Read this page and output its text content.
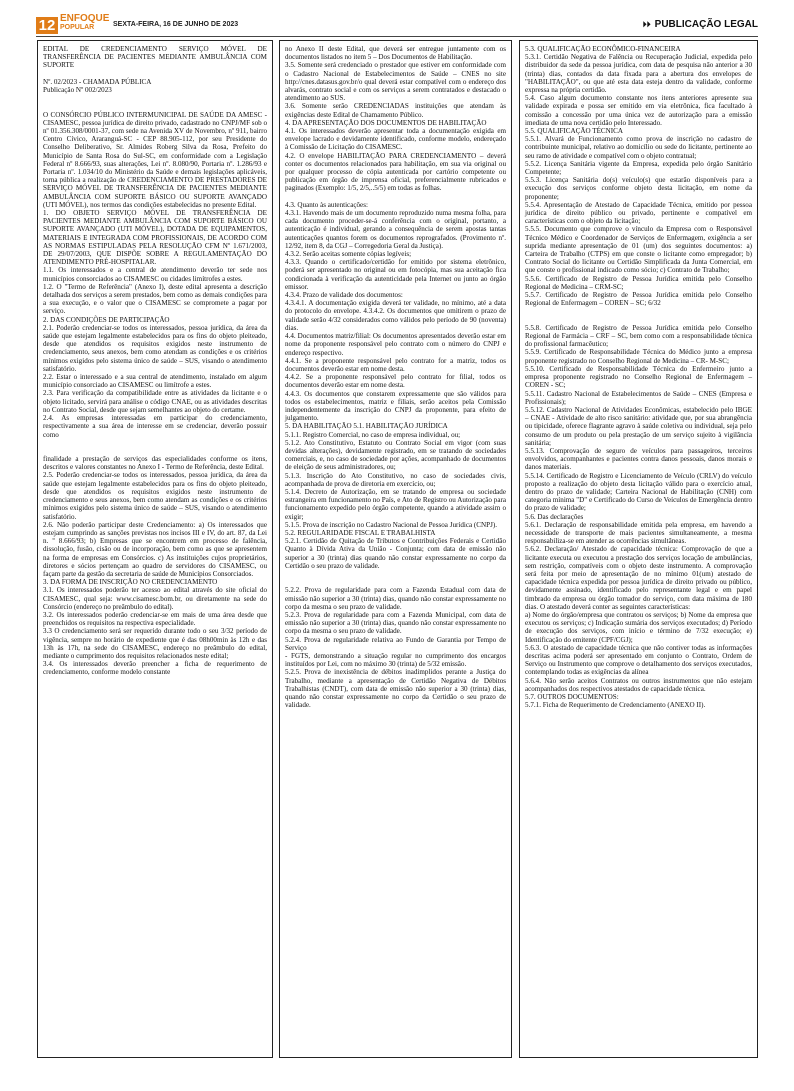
12 ENFOQUE
POPULAR	SEXTA-FEIRA, 16 DE JUNHO DE 2023	⏵⏵ PUBLICAÇÃO LEGAL

EDITAL DE CREDENCIAMENTO SERVIÇO MÓVEL DE TRANSFERÊNCIA DE PACIENTES MEDIANTE AMBULÂNCIA COM SUPORTE

Nº. 02/2023 - CHAMADA PÚBLICA

Publicação Nº 002/2023

O CONSÓRCIO PÚBLICO INTERMUNICIPAL DE SAÚDE DA AMESC - CISAMESC, pessoa jurídica de direito privado, cadastrado no CNPJ/MF sob o nº 01.356.308/0001-37, com sede na Avenida XV de Novembro, nº 911, bairro Centro Cívico, Araranguá-SC - CEP 88.905-112, por seu Presidente do Conselho Deliberativo, Sr. Almides Roberg Silva da Rosa, Prefeito do Município de Santa Rosa do Sul-SC, em conformidade com a Legislação Federal nº 8.666/93, suas alterações, Lei nº. 8.080/90, Portaria nº. 1.286/93 e Portaria nº. 1.034/10 do Ministério da Saúde e demais legislações aplicáveis, torna pública a realização de CREDENCIAMENTO DE PRESTADORES DE SERVIÇO MÓVEL DE TRANSFERÊNCIA DE PACIENTES MEDIANTE AMBULÂNCIA COM SUPORTE BÁSICO OU SUPORTE AVANÇADO (UTI MÓVEL), nos termos das condições estabelecidas no presente Edital.

1. DO OBJETO SERVIÇO MÓVEL DE TRANSFERÊNCIA DE PACIENTES MEDIANTE AMBULÂNCIA COM SUPORTE BÁSICO OU SUPORTE AVANÇADO (UTI MÓVEL), DOTADA DE EQUIPAMENTOS, MATERIAIS E INTEGRADA COM PROFISSIONAIS, DE ACORDO COM AS NORMAS ESTIPULADAS PELA RESOLUÇÃO CFM Nº 1.671/2003, DE 29/07/2003, QUE DISPÕE SOBRE A REGULAMENTAÇÃO DO ATENDIMENTO PRÉ-HOSPITALAR.

1.1. Os interessados e a central de atendimento deverão ter sede nos municípios consorciados ao CISAMESC ou cidades limítrofes a estes.

1.2. O "Termo de Referência" (Anexo I), deste edital apresenta a descrição detalhada dos serviços a serem prestados, bem como as demais condições para a sua execução, e o valor que o CISAMESC se compromete a pagar por serviço.

2. DAS CONDIÇÕES DE PARTICIPAÇÃO

2.1. Poderão credenciar-se todos os interessados, pessoa jurídica, da área da saúde que estejam legalmente estabelecidos para os fins do objeto pleiteado, desde que atendidos os requisitos exigidos neste instrumento de credenciamento, seus anexos, bem como atendam as condições e os critérios mínimos exigidos pelo sistema único de saúde – SUS, visando o atendimento satisfatório.

2.2. Estar o interessado e a sua central de atendimento, instalado em algum município consorciado ao CISAMESC ou limítrofe a estes.

2.3. Para verificação da compatibilidade entre as atividades da licitante e o objeto licitado, servirá para análise o código CNAE, ou as atividades descritas no Contrato Social, desde que sejam semelhantes ao objeto do certame.

2.4. As empresas interessadas em participar do credenciamento, respectivamente a sua área de interesse em se credenciar, deverão possuir como

finalidade a prestação de serviços das especialidades conforme os itens, descritos e valores constantes no Anexo I - Termo de Referência, deste Edital.

2.5. Poderão credenciar-se todos os interessados, pessoa jurídica, da área da saúde que estejam legalmente estabelecidos para os fins do objeto pleiteado, desde que atendidos os requisitos exigidos neste instrumento de credenciamento e seus anexos, bem como atendam as condições e os critérios mínimos exigidos pelo sistema único de saúde – SUS, visando o atendimento satisfatório.

2.6. Não poderão participar deste Credenciamento: a) Os interessados que estejam cumprindo as sanções previstas nos incisos III e IV, do art. 87, da Lei n. º 8.666/93; b) Empresas que se encontrem em processo de falência, dissolução, fusão, cisão ou de incorporação, bem como as que se apresentem na forma de empresas em Consórcios. c) As instituições cujos proprietários, diretores e sócios pertençam ao quadro de servidores do CISAMESC, ou façam parte da gestão da secretaria de saúde de Municípios Consorciados.

3. DA FORMA DE INSCRIÇÃO NO CREDENCIAMENTO

3.1. Os interessados poderão ter acesso ao edital através do site oficial do CISAMESC, qual seja: www.cisamesc.bom.br, ou diretamente na sede do Consórcio (endereço no preâmbulo do edital).

3.2. Os interessados poderão credenciar-se em mais de uma área desde que preenchidos os requisitos na respectiva especialidade.

3.3 O credenciamento será ser requerido durante todo o seu 3/32 período de vigência, sempre no horário de expediente que é das 08h00min às 12h e das 13h às 17h, na sede do CISAMESC, endereço no preâmbulo do edital, mediante o cumprimento dos requisitos relacionados neste edital;

3.4. Os interessados deverão preencher a ficha de requerimento de credenciamento, conforme modelo constante

no Anexo II deste Edital, que deverá ser entregue juntamente com os documentos listados no item 5 – Dos Documentos de Habilitação.

3.5. Somente será credenciado o prestador que estiver em conformidade com o Cadastro Nacional de Estabelecimentos de Saúde – CNES no site http://cnes.datasus.gov.br/o qual deverá estar compatível com o endereço dos alvarás, contrato social e com os serviços a serem contratados e destacado o atendimento ao SUS.

3.6. Somente serão CREDENCIADAS instituições que atendam às exigências deste Edital de Chamamento Público.

4. DA APRESENTAÇÃO DOS DOCUMENTOS DE HABILITAÇÃO

4.1. Os interessados deverão apresentar toda a documentação exigida em envelope lacrado e devidamente identificado, conforme modelo, endereçado à Comissão de Licitação do CISAMESC.

4.2. O envelope HABILITAÇÃO PARA CREDENCIAMENTO – deverá conter os documentos relacionados para habilitação, em sua via original ou por qualquer processo de cópia autenticada por cartório competente ou publicação em órgão de imprensa oficial, preferencialmente rubricados e paginados (Exemplo: 1/5, 2/5,..5/5) em todas as folhas.

4.3. Quanto às autenticações:

4.3.1. Havendo mais de um documento reproduzido numa mesma folha, para cada documento proceder-se-á conferência com o original, portanto, a autenticação é individual, gerando a consequência de serem apostas tantas autenticações quantos forem os documentos reprografados. (Provimento nº. 12/92, item 8, da CGJ – Corregedoria Geral da Justiça).

4.3.2. Serão aceitas somente cópias legíveis;

4.3.3. Quando o certificado/certidão for emitido por sistema eletrônico, poderá ser apresentado no original ou em fotocópia, mas sua aceitação fica condicionada à verificação da autenticidade pela Internet ou junto ao órgão emissor.

4.3.4. Prazo de validade dos documentos:

4.3.4.1. A documentação exigida deverá ter validade, no mínimo, até a data do protocolo do envelope. 4.3.4.2. Os documentos que omitirem o prazo de validade serão 4/32 considerados como válidos pelo período de 90 (noventa) dias.

4.4. Documentos matriz/filial: Os documentos apresentados deverão estar em nome da proponente responsável pelo contrato com o número do CNPJ e endereço respectivo.

4.4.1. Se a proponente responsável pelo contrato for a matriz, todos os documentos deverão estar em nome desta.

4.4.2. Se a proponente responsável pelo contrato for filial, todos os documentos deverão estar em nome desta.

4.4.3. Os documentos que constarem expressamente que são válidos para todos os estabelecimentos, matriz e filiais, serão aceitos pela Comissão independentemente da inscrição do CNPJ da proponente, para efeito de julgamento.

5. DA HABILITAÇÃO 5.1. HABILITAÇÃO JURÍDICA

5.1.1. Registro Comercial, no caso de empresa individual, ou;

5.1.2. Ato Constitutivo, Estatuto ou Contrato Social em vigor (com suas devidas alterações), devidamente registrado, em se tratando de sociedades comerciais, e, no caso de sociedade por ações, acompanhado de documentos de eleição de seus administradores, ou;

5.1.3. Inscrição do Ato Constitutivo, no caso de sociedades civis, acompanhada de prova de diretoria em exercício, ou;

5.1.4. Decreto de Autorização, em se tratando de empresa ou sociedade estrangeira em funcionamento no País, e Ato de Registro ou Autorização para funcionamento expedido pelo órgão competente, quando a atividade assim o exigir;

5.1.5. Prova de inscrição no Cadastro Nacional de Pessoa Jurídica (CNPJ).

5.2. REGULARIDADE FISCAL E TRABALHISTA

5.2.1. Certidão de Quitação de Tributos e Contribuições Federais e Certidão Quanto à Dívida Ativa da União - Conjunta; com data de emissão não superior a 30 (trinta) dias quando não constar expressamente no corpo da Certidão o seu prazo de validade.

5.2.2. Prova de regularidade para com a Fazenda Estadual com data de emissão não superior a 30 (trinta) dias, quando não constar expressamente no corpo da mesma o seu prazo de validade.

5.2.3. Prova de regularidade para com a Fazenda Municipal, com data de emissão não superior a 30 (trinta) dias, quando não constar expressamente no corpo da mesma o seu prazo de validade.

5.2.4. Prova de regularidade relativa ao Fundo de Garantia por Tempo de Serviço

- FGTS, demonstrando a situação regular no cumprimento dos encargos instituídos por Lei, com no máximo 30 (trinta) de 5/32 emissão.

5.2.5. Prova de inexistência de débitos inadimplidos perante a Justiça do Trabalho, mediante a apresentação de Certidão Negativa de Débitos Trabalhistas (CNDT), com data de emissão não superior a 30 (trinta) dias, quando não constar expressamente no corpo da Certidão o seu prazo de validade.

5.3. QUALIFICAÇÃO ECONÔMICO-FINANCEIRA

5.3.1. Certidão Negativa de Falência ou Recuperação Judicial, expedida pelo distribuidor da sede da pessoa jurídica, com data de pesquisa não anterior a 30 (trinta) dias, contados da data fixada para a abertura dos envelopes de "HABILITAÇÃO", ou que até esta data esteja dentro da validade, conforme expressa na própria certidão.

5.4. Caso algum documento constante nos itens anteriores apresente sua validade expirada e possa ser emitido em via eletrônica, fica facultado à comissão a concessão por uma única vez de autorização para a emissão imediata de uma nova certidão pelo Interessado.

5.5. QUALIFICAÇÃO TÉCNICA

5.5.1. Alvará de Funcionamento como prova de inscrição no cadastro de contribuinte municipal, relativo ao domicílio ou sede do licitante, pertinente ao seu ramo de atividade e compatível com o objeto contratual;

5.5.2. Licença Sanitária vigente da Empresa, expedida pelo órgão Sanitário Competente;

5.5.3. Licença Sanitária do(s) veículo(s) que estarão disponíveis para a execução dos serviços conforme objeto desta licitação, em nome da proponente;

5.5.4. Apresentação de Atestado de Capacidade Técnica, emitido por pessoa jurídica de direito público ou privado, pertinente e compatível em características com o objeto da licitação;

5.5.5. Documento que comprove o vínculo da Empresa com o Responsável Técnico Médico e Coordenador de Serviços de Enfermagem, exigência a ser suprida mediante apresentação de 01 (um) dos seguintes documentos: a) Carteira de Trabalho (CTPS) em que conste o licitante como empregador; b) Contrato Social do licitante ou Certidão Simplificada da Junta Comercial, em que conste o profissional indicado como sócio; c) Contrato de Trabalho;

5.5.6. Certificado de Registro de Pessoa Jurídica emitida pelo Conselho Regional de Medicina – CRM-SC;

5.5.7. Certificado de Registro de Pessoa Jurídica emitida pelo Conselho Regional de Enfermagem – COREN – SC; 6/32

5.5.8. Certificado de Registro de Pessoa Jurídica emitida pelo Conselho Regional de Farmácia – CRF – SC, bem como com a responsabilidade técnica do profissional farmacêutico;

5.5.9. Certificado de Responsabilidade Técnica do Médico junto a empresa proponente registrado no Conselho Regional de Medicina – CR- M-SC;

5.5.10. Certificado de Responsabilidade Técnica do Enfermeiro junto a empresa proponente registrado no Conselho Regional de Enfermagem – COREN - SC;

5.5.11. Cadastro Nacional de Estabelecimentos de Saúde – CNES (Empresa e Profissionais);

5.5.12. Cadastro Nacional de Atividades Econômicas, estabelecido pelo IBGE – CNAE - Atividade de alto risco sanitário: atividade que, por sua abrangência ou tipicidade, oferece flagrante agravo à saúde coletiva ou individual, seja pelo consumo de um produto ou pela prestação de um serviço sujeito à vigilância sanitária;

5.5.13. Comprovação de seguro de veículos para passageiros, terceiros envolvidos, acompanhantes e pacientes contra danos pessoais, danos morais e danos materiais.

5.5.14. Certificado de Registro e Licenciamento de Veículo (CRLV) do veículo proposto a realização do objeto desta licitação válido para o exercício atual, dentro do prazo de validade; Carteira Nacional de Habilitação (CNH) com categoria mínima "D" e Certificado do Curso de Veículos de Emergência dentro do prazo de validade;

5.6. Das declarações

5.6.1. Declaração de responsabilidade emitida pela empresa, em havendo a necessidade de transporte de mais pacientes simultaneamente, a mesma responsabiliza-se em atender as ocorrências simultâneas.

5.6.2. Declaração/ Atestado de capacidade técnica: Comprovação de que a licitante executa ou executou a prestação dos serviços locação de ambulâncias, sem restrição, compatíveis com o objeto deste instrumento. A comprovação será feita por meio de apresentação de no mínimo 01(um) atestado de capacidade técnica expedida por pessoa jurídica de direito privado ou público, devidamente assinado, identificado pelo representante legal e em papel timbrado da empresa ou órgão tomador do serviço, com data máxima de 180 dias. O atestado deverá conter as seguintes características:

a) Nome do órgão/empresa que contratou os serviços; b) Nome da empresa que executou os serviços; c) Indicação sumária dos serviços executados; d) Período de execução dos serviços, com início e término de 7/32 execução; e) Identificação do emitente (CPF/CGJ);

5.6.3. O atestado de capacidade técnica que não contiver todas as informações descritas acima poderá ser apresentado em conjunto o Contrato, Ordem de Serviço ou Instrumento que comprove o detalhamento dos serviços executados, contemplando todas as exigências da alínea

5.6.4. Não serão aceitos Contratos ou outros instrumentos que não estejam acompanhados dos respectivos atestados de capacidade técnica.

5.7. OUTROS DOCUMENTOS:

5.7.1. Ficha de Requerimento de Credenciamento (ANEXO II).
